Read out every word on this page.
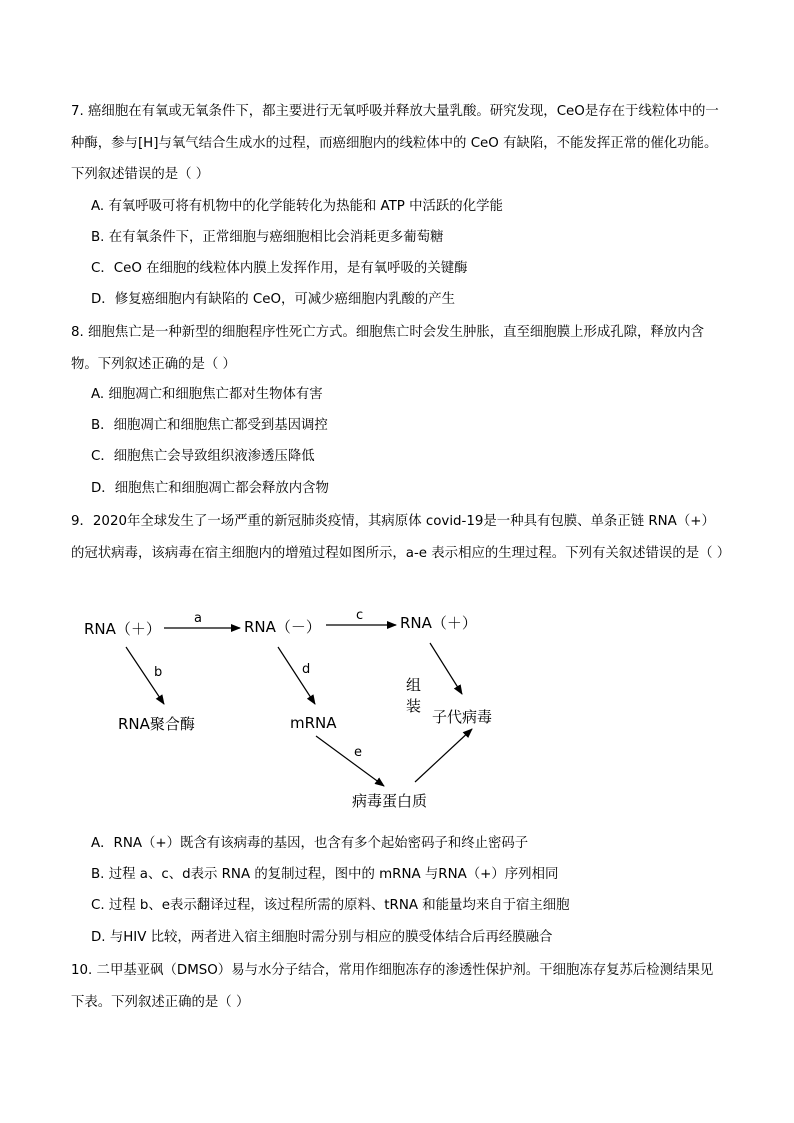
7. 癌细胞在有氧或无氧条件下，都主要进行无氧呼吸并释放大量乳酸。研究发现，CeO是存在于线粒体中的一种酶，参与[H]与氧气结合生成水的过程，而癌细胞内的线粒体中的 CeO 有缺陷，不能发挥正常的催化功能。下列叙述错误的是（ ）

A. 有氧呼吸可将有机物中的化学能转化为热能和 ATP 中活跃的化学能

B. 在有氧条件下，正常细胞与癌细胞相比会消耗更多葡萄糖

C．CeO 在细胞的线粒体内膜上发挥作用，是有氧呼吸的关键酶

D．修复癌细胞内有缺陷的 CeO，可减少癌细胞内乳酸的产生

8. 细胞焦亡是一种新型的细胞程序性死亡方式。细胞焦亡时会发生肿胀，直至细胞膜上形成孔隙，释放内含物。下列叙述正确的是（ ）

A. 细胞凋亡和细胞焦亡都对生物体有害

B．细胞凋亡和细胞焦亡都受到基因调控

C．细胞焦亡会导致组织液渗透压降低

D．细胞焦亡和细胞凋亡都会释放内含物

9．2020年全球发生了一场严重的新冠肺炎疫情，其病原体 covid-19是一种具有包膜、单条正链 RNA（+）的冠状病毒，该病毒在宿主细胞内的增殖过程如图所示，a-e 表示相应的生理过程。下列有关叙述错误的是（ ）

RNA（＋）	RNA（－）	RNA（＋）
RNA聚合酶	mRNA	子代病毒
病毒蛋白质
a	c
b	d
e
组
装

A．RNA（+）既含有该病毒的基因，也含有多个起始密码子和终止密码子

B. 过程 a、c、d表示 RNA 的复制过程，图中的 mRNA 与RNA（+）序列相同

C. 过程 b、e表示翻译过程，该过程所需的原料、tRNA 和能量均来自于宿主细胞

D. 与HIV 比较，两者进入宿主细胞时需分别与相应的膜受体结合后再经膜融合

10. 二甲基亚砜（DMSO）易与水分子结合，常用作细胞冻存的渗透性保护剂。干细胞冻存复苏后检测结果见下表。下列叙述正确的是（ ）
